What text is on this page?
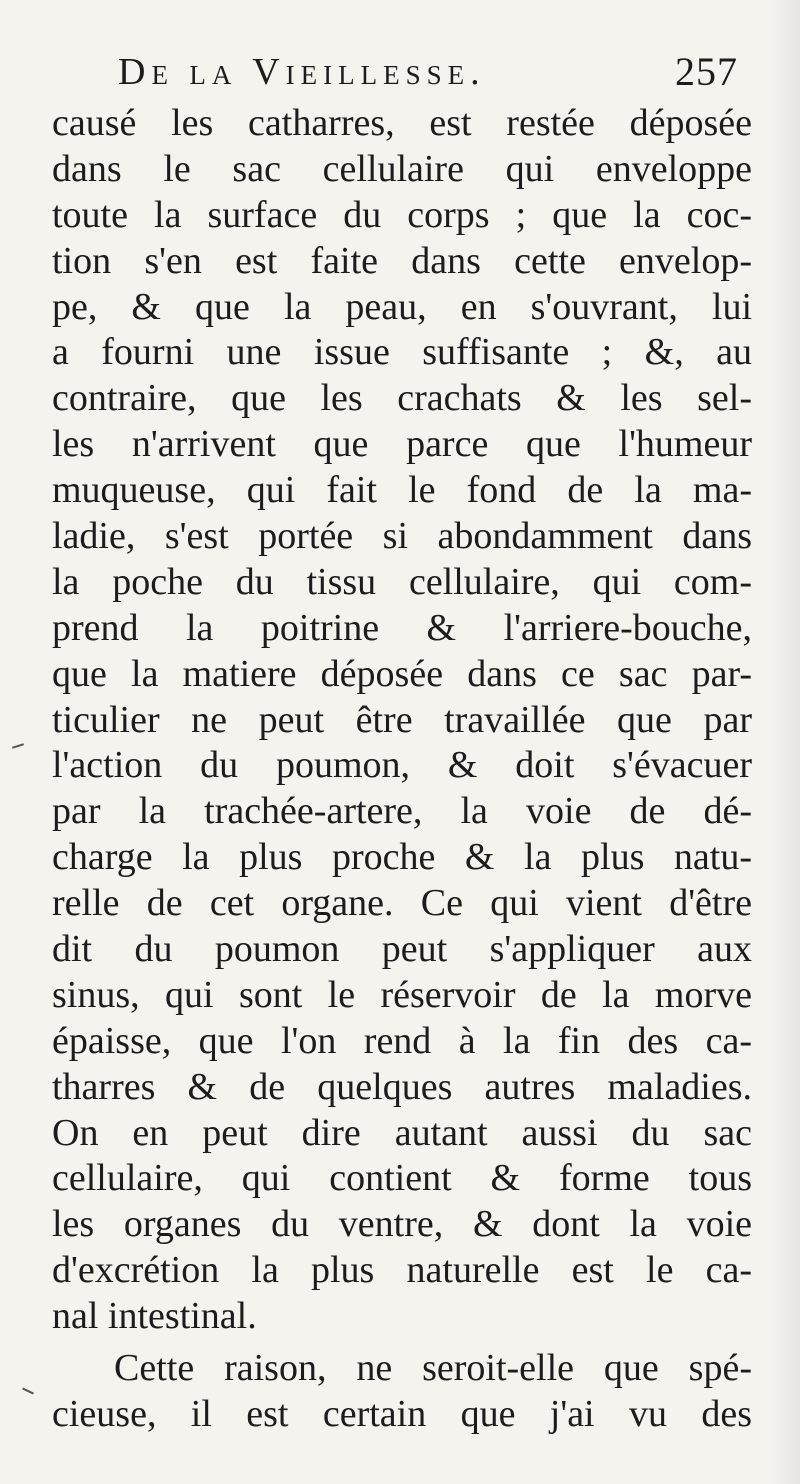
De la Vieillesse.	257
causé les catharres, est restée déposée
dans le sac cellulaire qui enveloppe
toute la surface du corps ; que la coc-
tion s'en est faite dans cette envelop-
pe, & que la peau, en s'ouvrant, lui
a fourni une issue suffisante ; &, au
contraire, que les crachats & les sel-
les n'arrivent que parce que l'humeur
muqueuse, qui fait le fond de la ma-
ladie, s'est portée si abondamment dans
la poche du tissu cellulaire, qui com-
prend la poitrine & l'arriere-bouche,
que la matiere déposée dans ce sac par-
ticulier ne peut être travaillée que par
l'action du poumon, & doit s'évacuer
par la trachée-artere, la voie de dé-
charge la plus proche & la plus natu-
relle de cet organe. Ce qui vient d'être
dit du poumon peut s'appliquer aux
sinus, qui sont le réservoir de la morve
épaisse, que l'on rend à la fin des ca-
tharres & de quelques autres maladies.
On en peut dire autant aussi du sac
cellulaire, qui contient & forme tous
les organes du ventre, & dont la voie
d'excrétion la plus naturelle est le ca-
nal intestinal.
Cette raison, ne seroit-elle que spé-
cieuse, il est certain que j'ai vu des
